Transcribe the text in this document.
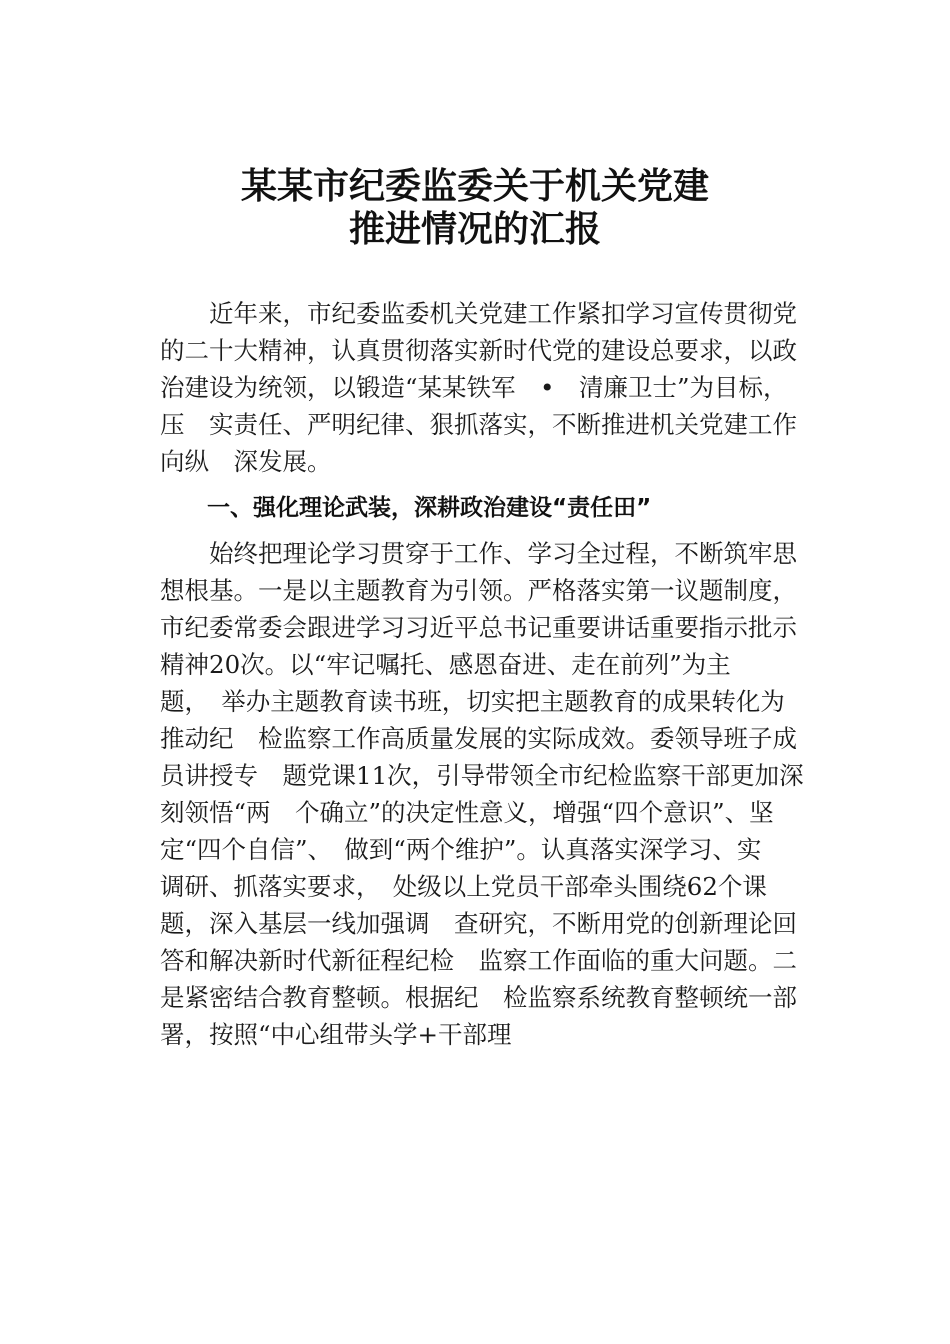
某某市纪委监委关于机关党建
推进情况的汇报
　　近年来，市纪委监委机关党建工作紧扣学习宣传贯彻党
的二十大精神，认真贯彻落实新时代党的建设总要求，以政
治建设为统领，以锻造“某某铁军　•　清廉卫士”为目标，
压　实责任、严明纪律、狠抓落实，不断推进机关党建工作
向纵　深发展。
一、强化理论武装，深耕政治建设“责任田”
　　始终把理论学习贯穿于工作、学习全过程，不断筑牢思
想根基。一是以主题教育为引领。严格落实第一议题制度，
市纪委常委会跟进学习习近平总书记重要讲话重要指示批示
精神20次。以“牢记嘱托、感恩奋进、走在前列”为主
题，　举办主题教育读书班，切实把主题教育的成果转化为
推动纪　检监察工作高质量发展的实际成效。委领导班子成
员讲授专　题党课11次，引导带领全市纪检监察干部更加深
刻领悟“两　个确立”的决定性意义，增强“四个意识”、坚
定“四个自信”、　做到“两个维护”。认真落实深学习、实
调研、抓落实要求，　处级以上党员干部牵头围绕62个课
题，深入基层一线加强调　查研究，不断用党的创新理论回
答和解决新时代新征程纪检　监察工作面临的重大问题。二
是紧密结合教育整顿。根据纪　检监察系统教育整顿统一部
署，按照“中心组带头学+干部理
